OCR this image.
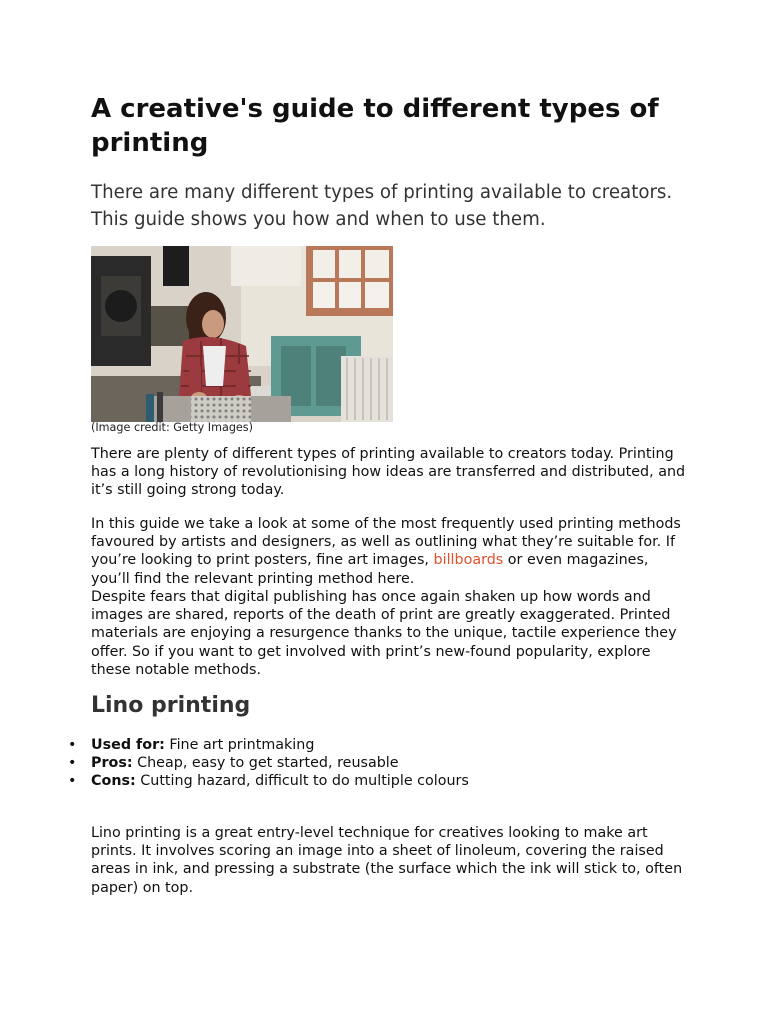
A creative's guide to different types of printing

There are many different types of printing available to creators. This guide shows you how and when to use them.

(Image credit: Getty Images)

There are plenty of different types of printing available to creators today. Printing has a long history of revolutionising how ideas are transferred and distributed, and it’s still going strong today.

In this guide we take a look at some of the most frequently used printing methods favoured by artists and designers, as well as outlining what they’re suitable for. If you’re looking to print posters, fine art images, billboards or even magazines, you’ll find the relevant printing method here.

Despite fears that digital publishing has once again shaken up how words and images are shared, reports of the death of print are greatly exaggerated. Printed materials are enjoying a resurgence thanks to the unique, tactile experience they offer. So if you want to get involved with print’s new-found popularity, explore these notable methods.

Lino printing
• Used for: Fine art printmaking
• Pros: Cheap, easy to get started, reusable
• Cons: Cutting hazard, difficult to do multiple colours

Lino printing is a great entry-level technique for creatives looking to make art prints. It involves scoring an image into a sheet of linoleum, covering the raised areas in ink, and pressing a substrate (the surface which the ink will stick to, often paper) on top.
